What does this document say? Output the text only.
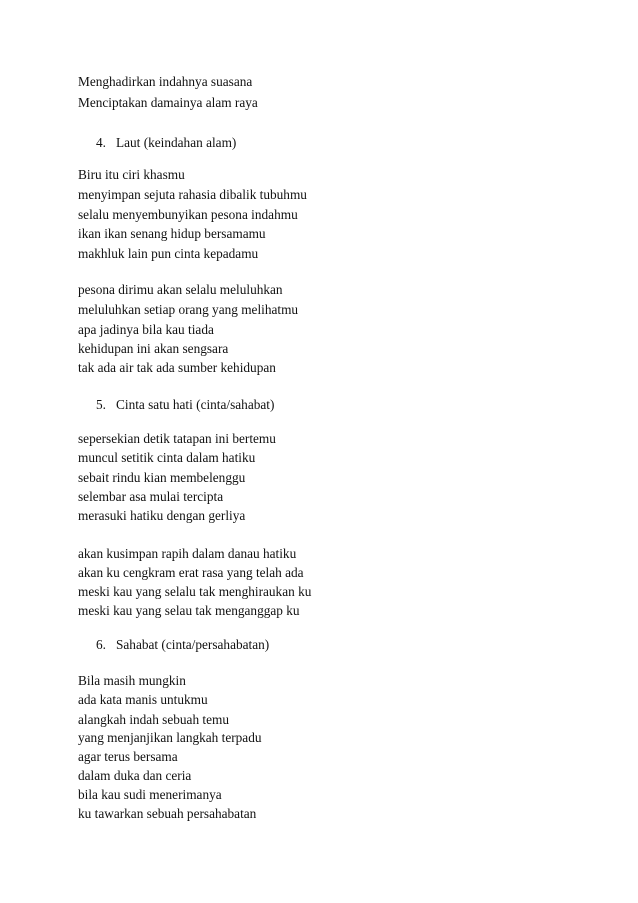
Menghadirkan indahnya suasana
Menciptakan damainya alam raya
4. Laut (keindahan alam)
Biru itu ciri khasmu
menyimpan sejuta rahasia dibalik tubuhmu
selalu menyembunyikan pesona indahmu
ikan ikan senang hidup bersamamu
makhluk lain pun cinta kepadamu
pesona dirimu akan selalu meluluhkan
meluluhkan setiap orang yang melihatmu
apa jadinya bila kau tiada
kehidupan ini akan sengsara
tak ada air tak ada sumber kehidupan
5. Cinta satu hati (cinta/sahabat)
sepersekian detik tatapan ini bertemu
muncul setitik cinta dalam hatiku
sebait rindu kian membelenggu
selembar asa mulai tercipta
merasuki hatiku dengan gerliya
akan kusimpan rapih dalam danau hatiku
akan ku cengkram erat rasa yang telah ada
meski kau yang selalu tak menghiraukan ku
meski kau yang selau tak menganggap ku
6. Sahabat (cinta/persahabatan)
Bila masih mungkin
ada kata manis untukmu
alangkah indah sebuah temu
yang menjanjikan langkah terpadu
agar terus bersama
dalam duka dan ceria
bila kau sudi menerimanya
ku tawarkan sebuah persahabatan
